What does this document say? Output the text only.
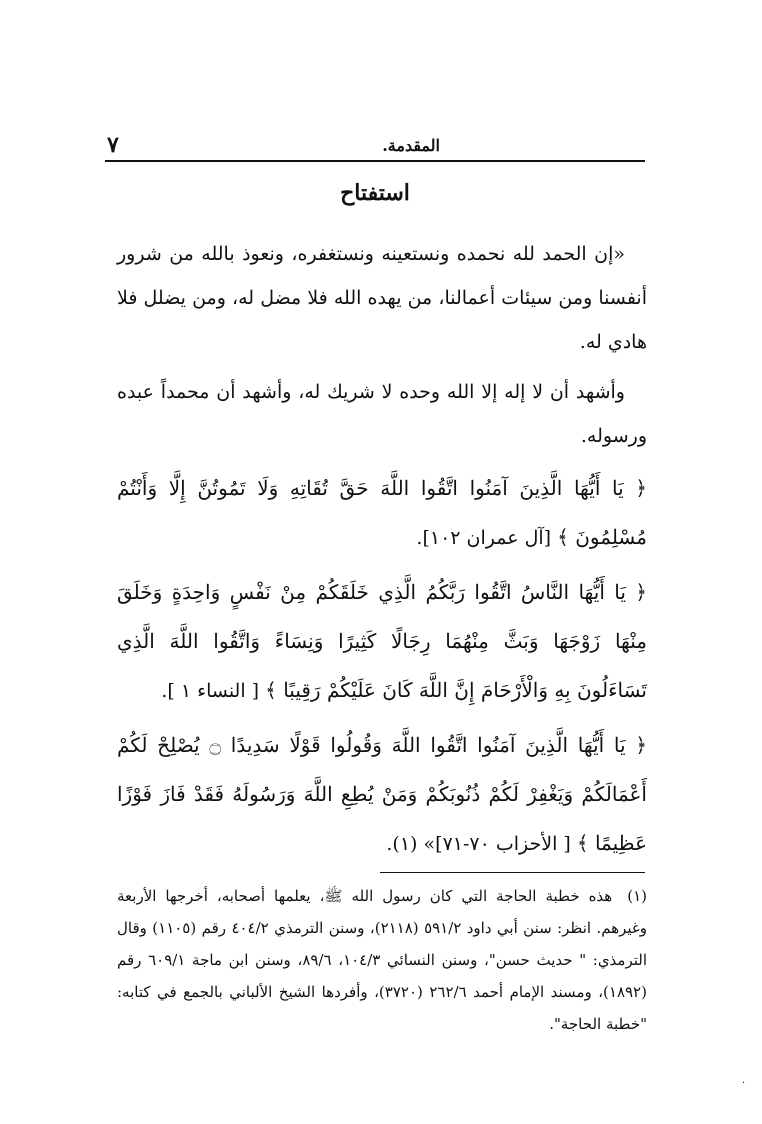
المقدمة.
٧
استفتاح

«إن الحمد لله نحمده ونستعينه ونستغفره، ونعوذ بالله من شرور أنفسنا ومن سيئات أعمالنا، من يهده الله فلا مضل له، ومن يضلل فلا هادي له.

وأشهد أن لا إله إلا الله وحده لا شريك له، وأشهد أن محمداً عبده ورسوله.

﴿ يَا أَيُّهَا الَّذِينَ آمَنُوا اتَّقُوا اللَّهَ حَقَّ تُقَاتِهِ وَلَا تَمُوتُنَّ إِلَّا وَأَنْتُمْ مُسْلِمُونَ ﴾ [آل عمران ١٠٢].

﴿ يَا أَيُّهَا النَّاسُ اتَّقُوا رَبَّكُمُ الَّذِي خَلَقَكُمْ مِنْ نَفْسٍ وَاحِدَةٍ وَخَلَقَ مِنْهَا زَوْجَهَا وَبَثَّ مِنْهُمَا رِجَالًا كَثِيرًا وَنِسَاءً وَاتَّقُوا اللَّهَ الَّذِي تَسَاءَلُونَ بِهِ وَالْأَرْحَامَ إِنَّ اللَّهَ كَانَ عَلَيْكُمْ رَقِيبًا ﴾ [ النساء ١ ].

﴿ يَا أَيُّهَا الَّذِينَ آمَنُوا اتَّقُوا اللَّهَ وَقُولُوا قَوْلًا سَدِيدًا ۝ يُصْلِحْ لَكُمْ أَعْمَالَكُمْ وَيَغْفِرْ لَكُمْ ذُنُوبَكُمْ وَمَنْ يُطِعِ اللَّهَ وَرَسُولَهُ فَقَدْ فَازَ فَوْزًا عَظِيمًا ﴾ [ الأحزاب ٧٠-٧١]» (١).

(١) هذه خطبة الحاجة التي كان رسول الله ﷺ، يعلمها أصحابه، أخرجها الأربعة وغيرهم. انظر: سنن أبي داود ٥٩١/٢ (٢١١٨)، وسنن الترمذي ٤٠٤/٢ رقم (١١٠٥) وقال الترمذي: " حديث حسن"، وسنن النسائي ١٠٤/٣، ٨٩/٦، وسنن ابن ماجة ٦٠٩/١ رقم (١٨٩٢)، ومسند الإمام أحمد ٢٦٢/٦ (٣٧٢٠)، وأفردها الشيخ الألباني بالجمع في كتابه: "خطبة الحاجة".
·
